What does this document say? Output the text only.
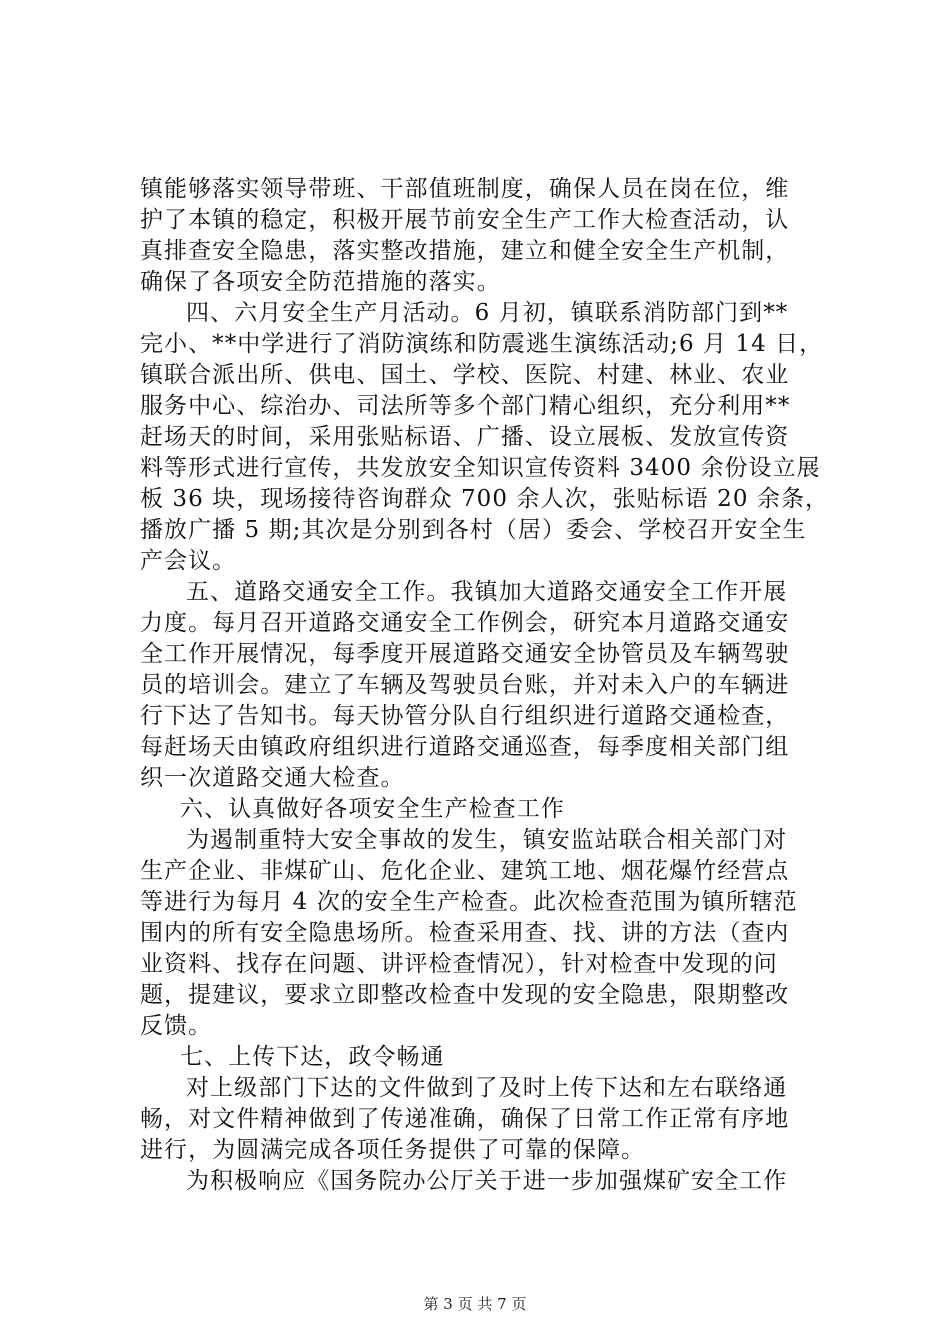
镇能够落实领导带班、干部值班制度，确保人员在岗在位，维
护了本镇的稳定，积极开展节前安全生产工作大检查活动，认
真排查安全隐患，落实整改措施，建立和健全安全生产机制，
确保了各项安全防范措施的落实。
四、六月安全生产月活动。6 月初，镇联系消防部门到**
完小、**中学进行了消防演练和防震逃生演练活动;6 月 14 日，
镇联合派出所、供电、国土、学校、医院、村建、林业、农业
服务中心、综治办、司法所等多个部门精心组织，充分利用**
赶场天的时间，采用张贴标语、广播、设立展板、发放宣传资
料等形式进行宣传，共发放安全知识宣传资料 3400 余份设立展
板 36 块，现场接待咨询群众 700 余人次，张贴标语 20 余条，
播放广播 5 期;其次是分别到各村（居）委会、学校召开安全生
产会议。
五、道路交通安全工作。我镇加大道路交通安全工作开展
力度。每月召开道路交通安全工作例会，研究本月道路交通安
全工作开展情况，每季度开展道路交通安全协管员及车辆驾驶
员的培训会。建立了车辆及驾驶员台账，并对未入户的车辆进
行下达了告知书。每天协管分队自行组织进行道路交通检查，
每赶场天由镇政府组织进行道路交通巡查，每季度相关部门组
织一次道路交通大检查。
六、认真做好各项安全生产检查工作
为遏制重特大安全事故的发生，镇安监站联合相关部门对
生产企业、非煤矿山、危化企业、建筑工地、烟花爆竹经营点
等进行为每月 4 次的安全生产检查。此次检查范围为镇所辖范
围内的所有安全隐患场所。检查采用查、找、讲的方法（查内
业资料、找存在问题、讲评检查情况），针对检查中发现的问
题，提建议，要求立即整改检查中发现的安全隐患，限期整改
反馈。
七、上传下达，政令畅通
对上级部门下达的文件做到了及时上传下达和左右联络通
畅，对文件精神做到了传递准确，确保了日常工作正常有序地
进行，为圆满完成各项任务提供了可靠的保障。
为积极响应《国务院办公厅关于进一步加强煤矿安全工作
第 3 页 共 7 页
